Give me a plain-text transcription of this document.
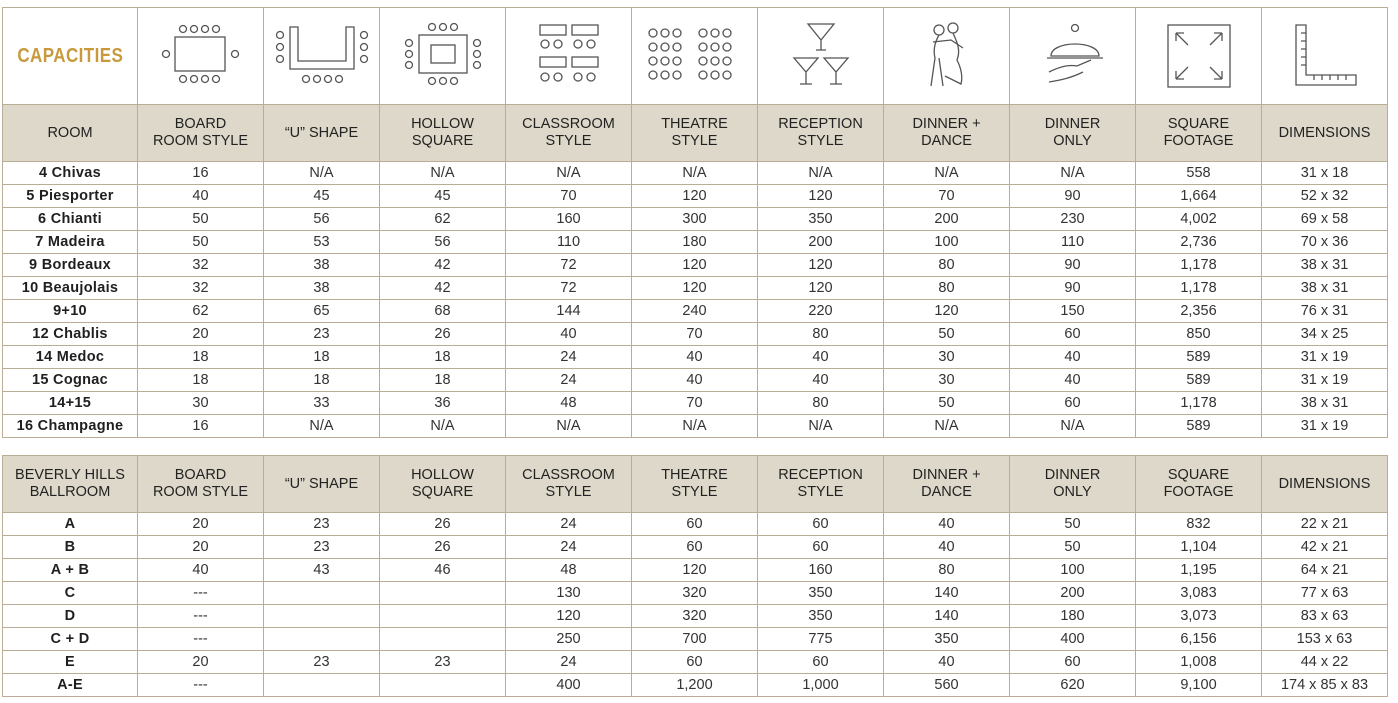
CAPACITIES	

ROOM	BOARD ROOM STYLE	“U” SHAPE	HOLLOW SQUARE	CLASSROOM STYLE	THEATRE STYLE	RECEPTION STYLE	DINNER + DANCE	DINNER ONLY	SQUARE FOOTAGE	DIMENSIONS
4 Chivas	16	N/A	N/A	N/A	N/A	N/A	N/A	N/A	558	31 x 18
5 Piesporter	40	45	45	70	120	120	70	90	1,664	52 x 32
6 Chianti	50	56	62	160	300	350	200	230	4,002	69 x 58
7 Madeira	50	53	56	110	180	200	100	110	2,736	70 x 36
9 Bordeaux	32	38	42	72	120	120	80	90	1,178	38 x 31
10 Beaujolais	32	38	42	72	120	120	80	90	1,178	38 x 31
9+10	62	65	68	144	240	220	120	150	2,356	76 x 31
12 Chablis	20	23	26	40	70	80	50	60	850	34 x 25
14 Medoc	18	18	18	24	40	40	30	40	589	31 x 19
15 Cognac	18	18	18	24	40	40	30	40	589	31 x 19
14+15	30	33	36	48	70	80	50	60	1,178	38 x 31
16 Champagne	16	N/A	N/A	N/A	N/A	N/A	N/A	N/A	589	31 x 19
BEVERLY HILLS BALLROOM	BOARD ROOM STYLE	“U” SHAPE	HOLLOW SQUARE	CLASSROOM STYLE	THEATRE STYLE	RECEPTION STYLE	DINNER + DANCE	DINNER ONLY	SQUARE FOOTAGE	DIMENSIONS
A	20	23	26	24	60	60	40	50	832	22 x 21
B	20	23	26	24	60	60	40	50	1,104	42 x 21
A + B	40	43	46	48	120	160	80	100	1,195	64 x 21
C	---			130	320	350	140	200	3,083	77 x 63
D	---			120	320	350	140	180	3,073	83 x 63
C + D	---			250	700	775	350	400	6,156	153 x 63
E	20	23	23	24	60	60	40	60	1,008	44 x 22
A-E	---			400	1,200	1,000	560	620	9,100	174 x 85 x 83
